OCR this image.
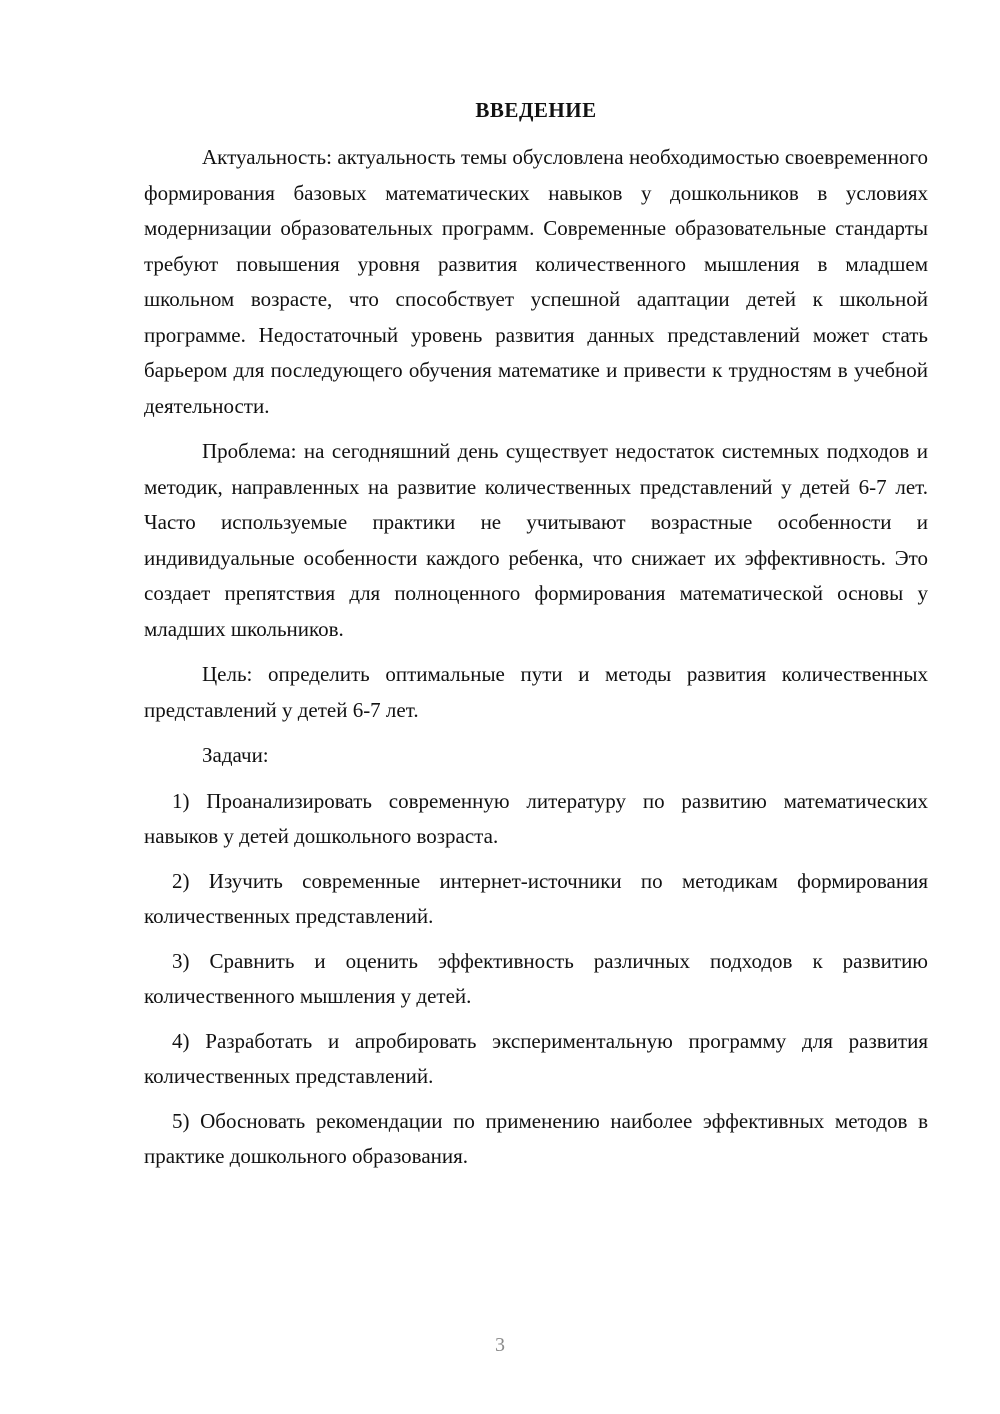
ВВЕДЕНИЕ

Актуальность: актуальность темы обусловлена необходимостью своевременного формирования базовых математических навыков у дошкольников в условиях модернизации образовательных программ. Современные образовательные стандарты требуют повышения уровня развития количественного мышления в младшем школьном возрасте, что способствует успешной адаптации детей к школьной программе. Недостаточный уровень развития данных представлений может стать барьером для последующего обучения математике и привести к трудностям в учебной деятельности.

Проблема: на сегодняшний день существует недостаток системных подходов и методик, направленных на развитие количественных представлений у детей 6-7 лет. Часто используемые практики не учитывают возрастные особенности и индивидуальные особенности каждого ребенка, что снижает их эффективность. Это создает препятствия для полноценного формирования математической основы у младших школьников.

Цель: определить оптимальные пути и методы развития количественных представлений у детей 6-7 лет.

Задачи:

1) Проанализировать современную литературу по развитию математических навыков у детей дошкольного возраста.

2) Изучить современные интернет-источники по методикам формирования количественных представлений.

3) Сравнить и оценить эффективность различных подходов к развитию количественного мышления у детей.

4) Разработать и апробировать экспериментальную программу для развития количественных представлений.

5) Обосновать рекомендации по применению наиболее эффективных методов в практике дошкольного образования.

3
